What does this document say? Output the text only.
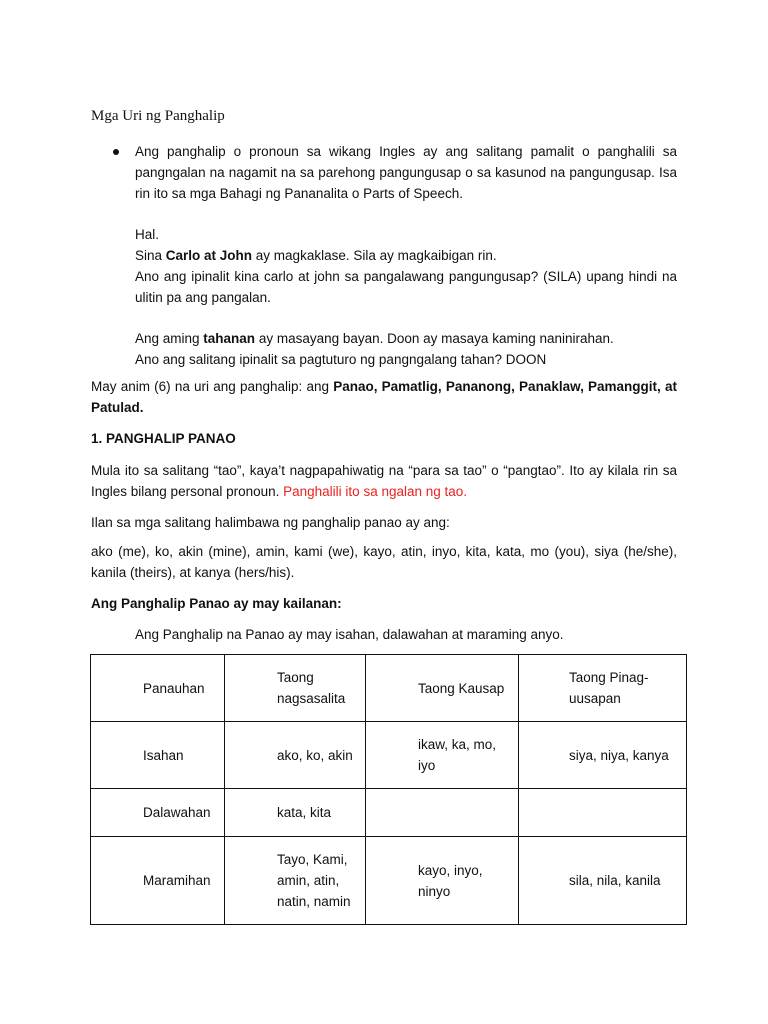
Mga Uri ng Panghalip

Ang panghalip o pronoun sa wikang Ingles ay ang salitang pamalit o panghalili sa pangngalan na nagamit na sa parehong pangungusap o sa kasunod na pangungusap. Isa rin ito sa mga Bahagi ng Pananalita o Parts of Speech.

Hal.

Sina Carlo at John ay magkaklase. Sila ay magkaibigan rin.

Ano ang ipinalit kina carlo at john sa pangalawang pangungusap? (SILA) upang hindi na ulitin pa ang pangalan.

Ang aming tahanan ay masayang bayan. Doon ay masaya kaming naninirahan.

Ano ang salitang ipinalit sa pagtuturo ng pangngalang tahan? DOON

May anim (6) na uri ang panghalip: ang Panao, Pamatlig, Pananong, Panaklaw, Pamanggit, at Patulad.

1. PANGHALIP PANAO

Mula ito sa salitang “tao”, kaya’t nagpapahiwatig na “para sa tao” o “pangtao”. Ito ay kilala rin sa Ingles bilang personal pronoun. Panghalili ito sa ngalan ng tao.

Ilan sa mga salitang halimbawa ng panghalip panao ay ang:

ako (me), ko, akin (mine), amin, kami (we), kayo, atin, inyo, kita, kata, mo (you), siya (he/she), kanila (theirs), at kanya (hers/his).

Ang Panghalip Panao ay may kailanan:

Ang Panghalip na Panao ay may isahan, dalawahan at maraming anyo.

Panauhan	Taong nagsasalita	Taong Kausap	Taong Pinag-uusapan
Isahan	ako, ko, akin	ikaw, ka, mo, iyo	siya, niya, kanya
Dalawahan	kata, kita		
Maramihan	Tayo, Kami, amin, atin, natin, namin	kayo, inyo, ninyo	sila, nila, kanila
